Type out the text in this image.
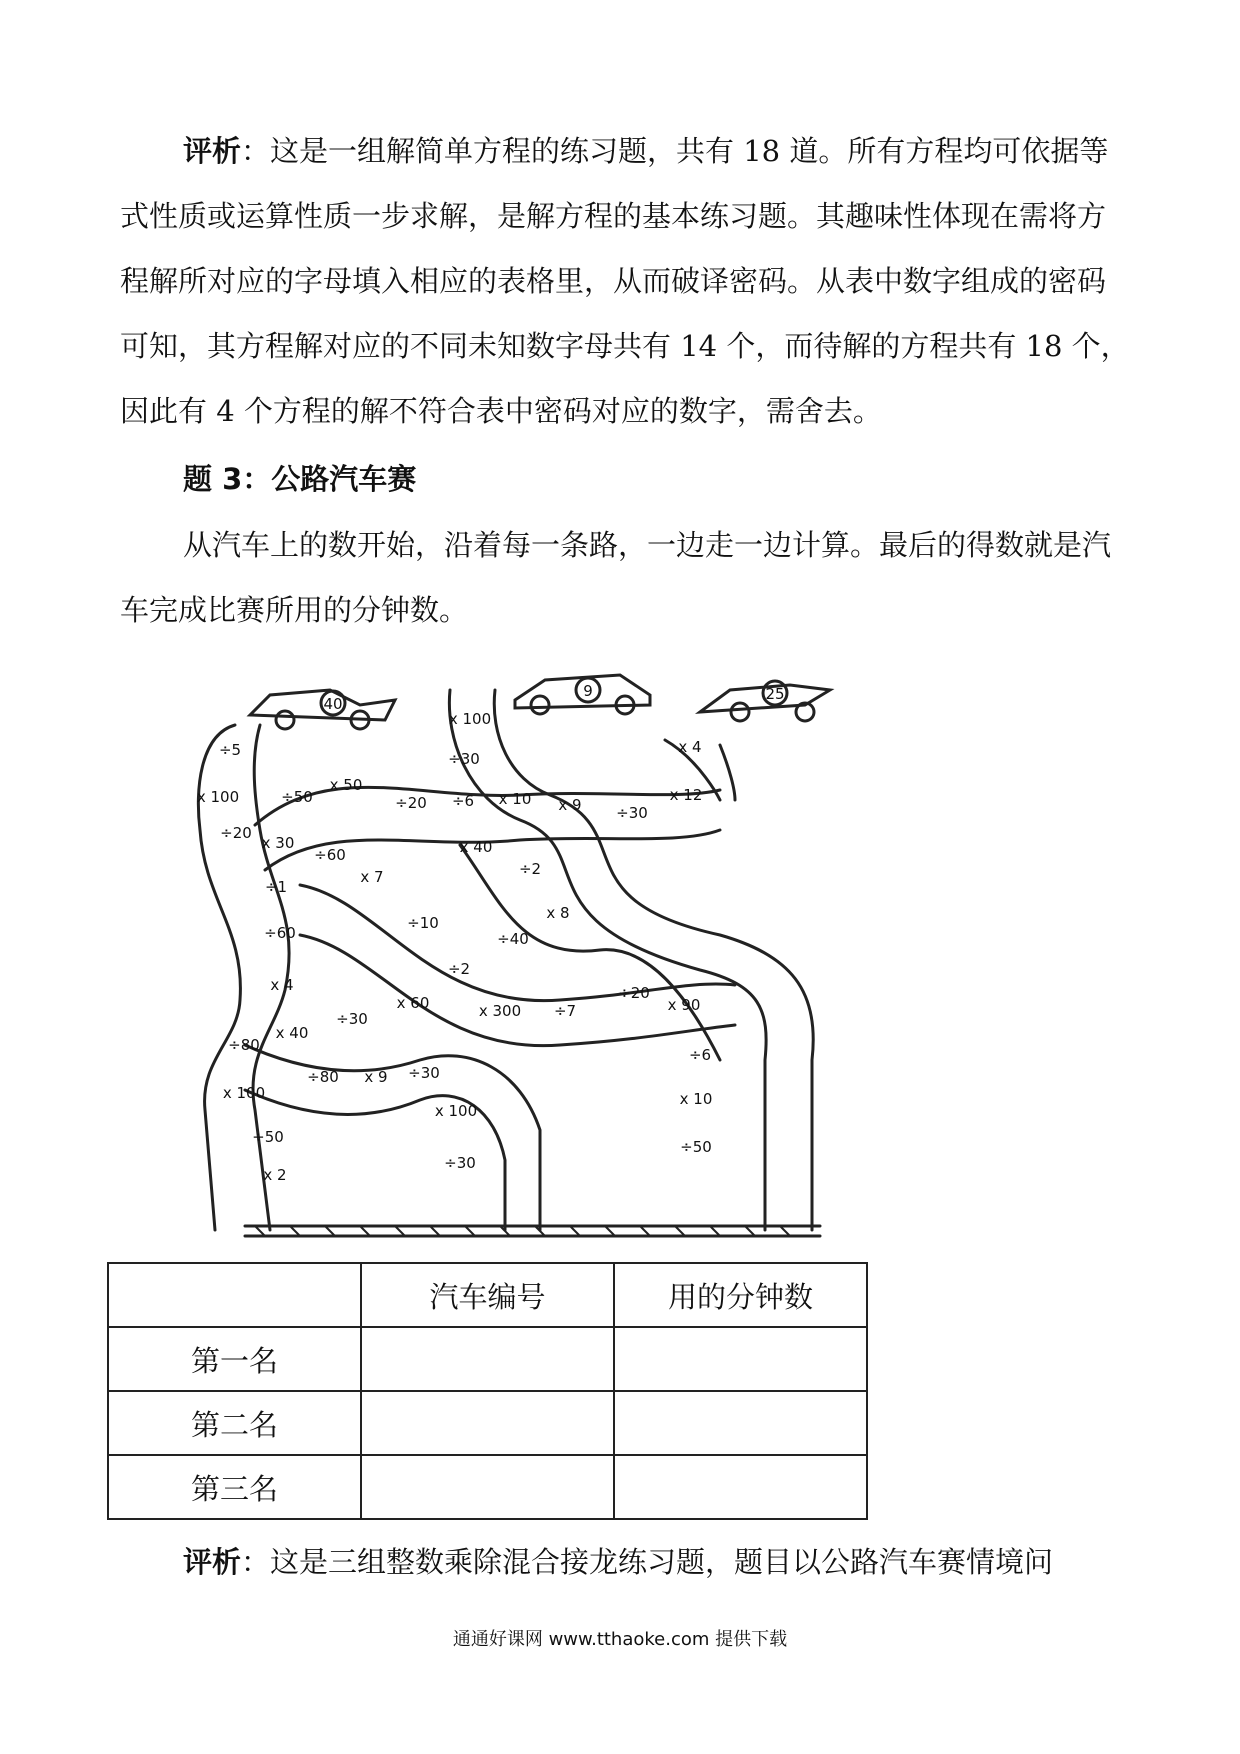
评析：这是一组解简单方程的练习题，共有 18 道。所有方程均可依据等式性质或运算性质一步求解，是解方程的基本练习题。其趣味性体现在需将方程解所对应的字母填入相应的表格里，从而破译密码。从表中数字组成的密码可知，其方程解对应的不同未知数字母共有 14 个，而待解的方程共有 18 个，因此有 4 个方程的解不符合表中密码对应的数字，需舍去。

题 3：公路汽车赛

从汽车上的数开始，沿着每一条路，一边走一边计算。最后的得数就是汽车完成比赛所用的分钟数。

40
9	25
÷5
x 100
÷20
x 30
÷1
÷60
x 4
x 40
÷80
x 100
÷50
x 2
÷50
x 50
÷20
÷60
x 7
÷10
÷2
x 60
÷30
÷80 x 9 ÷30
x 100
÷30
x 100
÷30
÷6 x 10 x 9 ÷30
x 12
x 4
x 40
÷2
x 8
÷40
x 300 ÷7
÷20
x 90
÷6
x 10
÷50
	汽车编号	用的分钟数
第一名		
第二名		
第三名		

评析：这是三组整数乘除混合接龙练习题，题目以公路汽车赛情境问

通通好课网 www.tthaoke.com 提供下载
